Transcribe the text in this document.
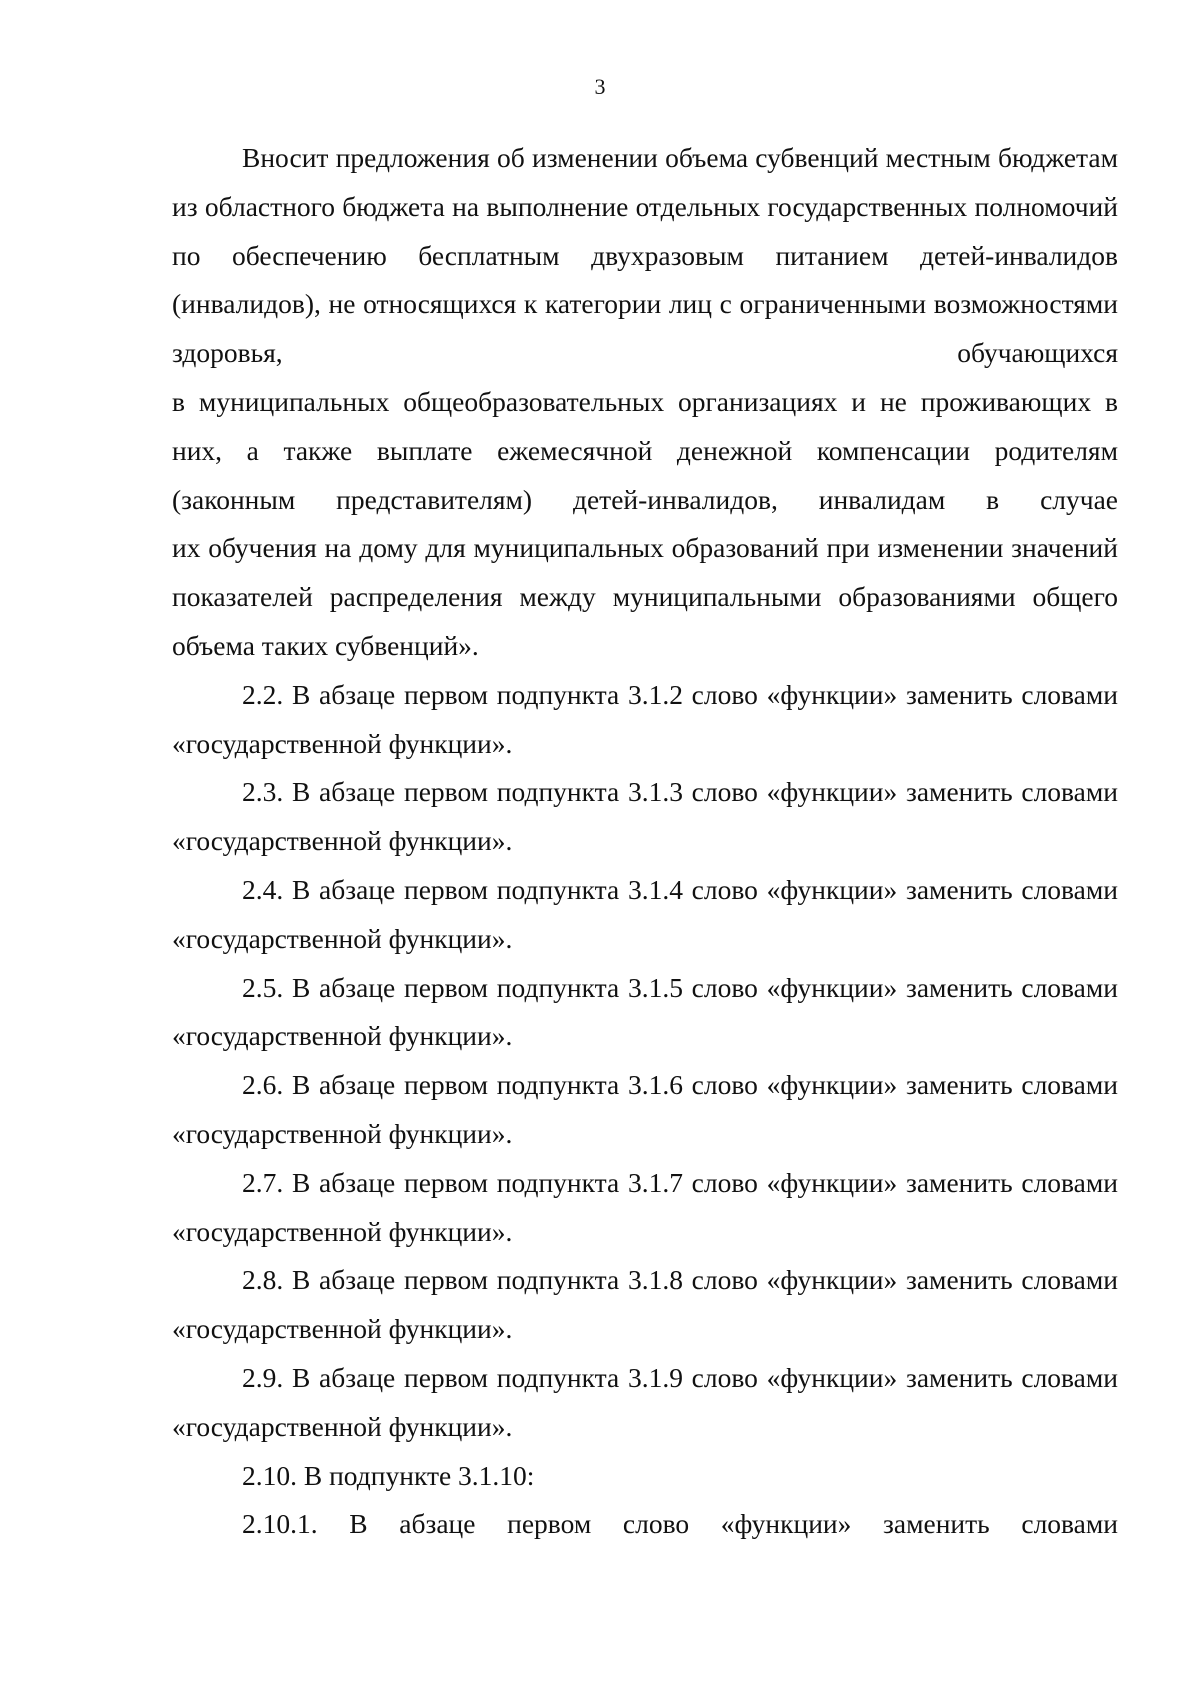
3

Вносит предложения об изменении объема субвенций местным бюджетам из областного бюджета на выполнение отдельных государственных полномочий по обеспечению бесплатным двухразовым питанием детей-инвалидов (инвалидов), не относящихся к категории лиц с ограниченными возможностями здоровья, обучающихся

в муниципальных общеобразовательных организациях и не проживающих в них, а также выплате ежемесячной денежной компенсации родителям (законным представителям) детей-инвалидов, инвалидам в случае

их обучения на дому для муниципальных образований при изменении значений показателей распределения между муниципальными образованиями общего объема таких субвенций».

2.2. В абзаце первом подпункта 3.1.2 слово «функции» заменить словами «государственной функции».

2.3. В абзаце первом подпункта 3.1.3 слово «функции» заменить словами «государственной функции».

2.4. В абзаце первом подпункта 3.1.4 слово «функции» заменить словами «государственной функции».

2.5. В абзаце первом подпункта 3.1.5 слово «функции» заменить словами «государственной функции».

2.6. В абзаце первом подпункта 3.1.6 слово «функции» заменить словами «государственной функции».

2.7. В абзаце первом подпункта 3.1.7 слово «функции» заменить словами «государственной функции».

2.8. В абзаце первом подпункта 3.1.8 слово «функции» заменить словами «государственной функции».

2.9. В абзаце первом подпункта 3.1.9 слово «функции» заменить словами «государственной функции».

2.10. В подпункте 3.1.10:

2.10.1. В абзаце первом слово «функции» заменить словами
